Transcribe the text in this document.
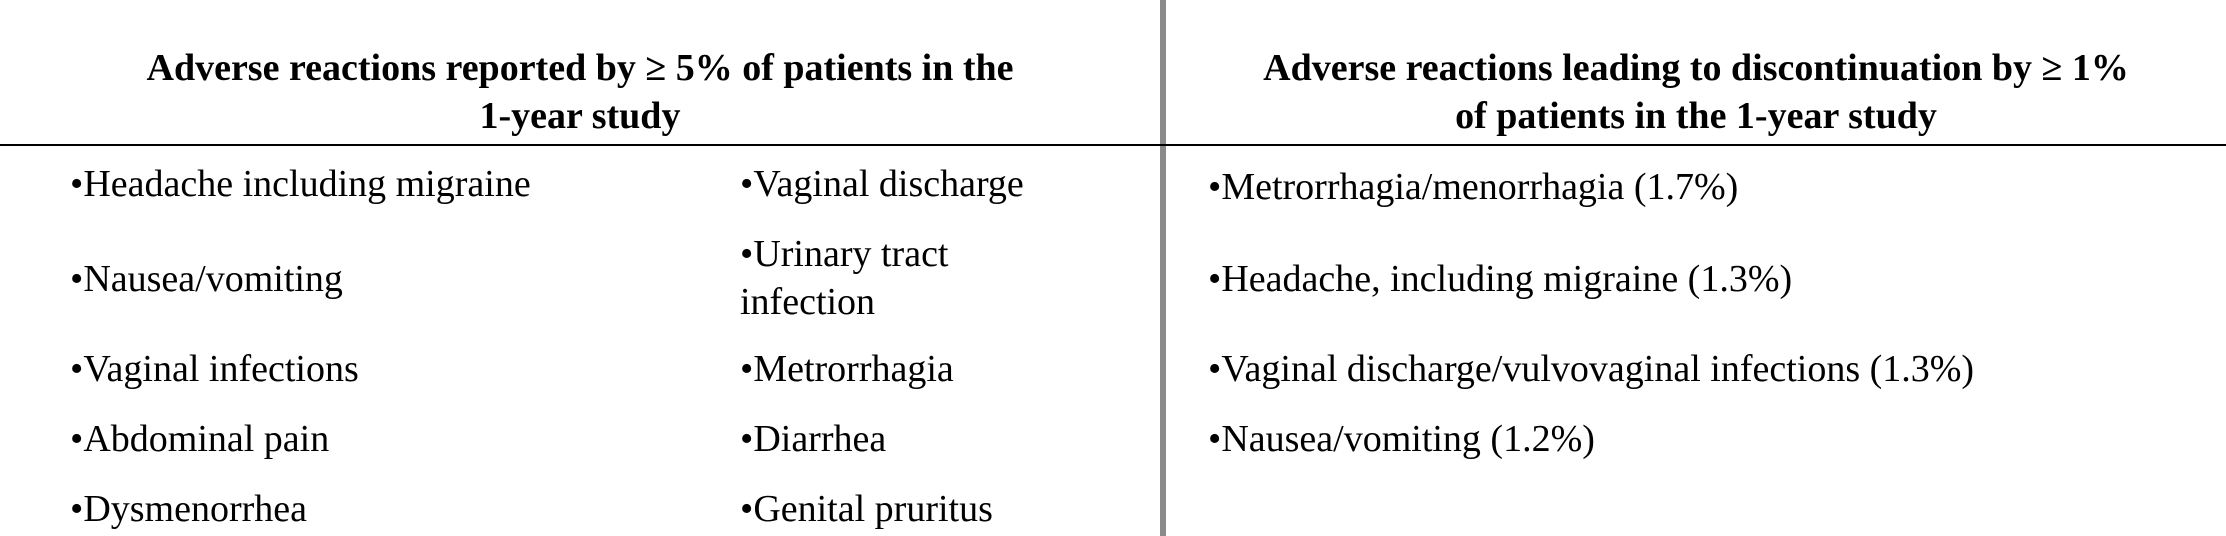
Adverse reactions reported by ≥ 5% of patients in the
1-year study
Adverse reactions leading to discontinuation by ≥ 1%
of patients in the 1-year study
•Headache including migraine
•Nausea/vomiting
•Vaginal infections
•Abdominal pain
•Dysmenorrhea
•Vaginal discharge
•Urinary tract
infection
•Metrorrhagia
•Diarrhea
•Genital pruritus
•Metrorrhagia/menorrhagia (1.7%)
•Headache, including migraine (1.3%)
•Vaginal discharge/vulvovaginal infections (1.3%)
•Nausea/vomiting (1.2%)
